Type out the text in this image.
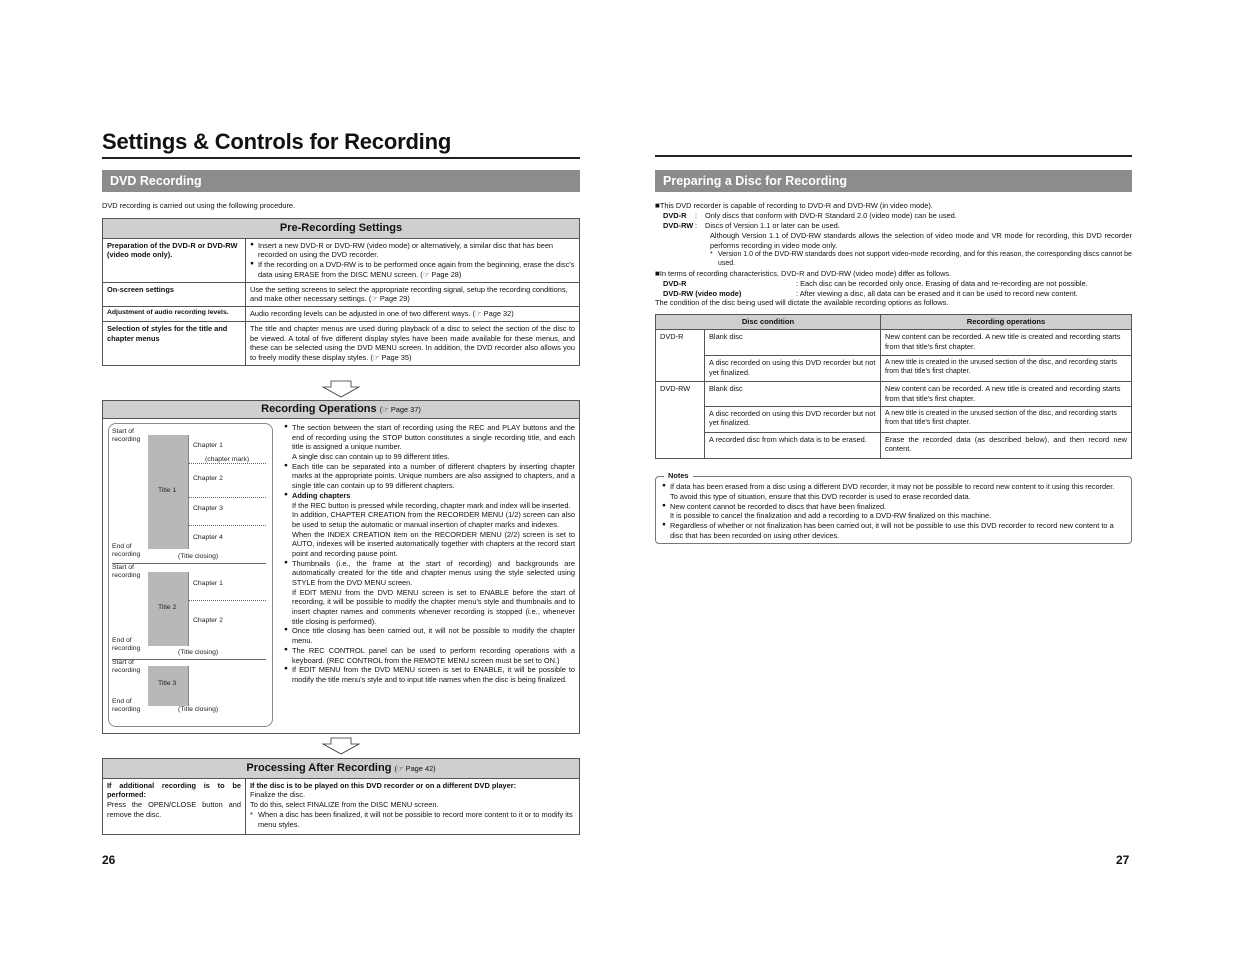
Settings & Controls for Recording
DVD Recording
DVD recording is carried out using the following procedure.
Pre-Recording Settings	
Preparation of the DVD-R or DVD-RW (video mode only).	● Insert a new DVD-R or DVD-RW (video mode) or alternatively, a similar disc that has been recorded on using the DVD recorder.
● If the recording on a DVD-RW is to be performed once again from the beginning, erase the disc's data using ERASE from the DISC MENU screen. (☞ Page 28)

On-screen settings	Use the setting screens to select the appropriate recording signal, setup the recording conditions, and make other necessary settings. (☞ Page 29)
Adjustment of audio recording levels.	Audio recording levels can be adjusted in one of two different ways. (☞ Page 32)
Selection of styles for the title and chapter menus	The title and chapter menus are used during playback of a disc to select the section of the disc to be viewed. A total of five different display styles have been made available for these menus, and these can be selected using the DVD MENU screen. In addition, the DVD recorder also allows you to freely modify these display styles. (☞ Page 35)
Recording Operations (☞ Page 37)
Start of recording
Title 1
Chapter 1
(chapter mark)
Chapter 2
Chapter 3
Chapter 4
End of recording	(Title closing)
Start of recording
Title 2
Chapter 1
Chapter 2
End of recording
(Title closing)
Start of recording
Title 3
End of recording	(Title closing)
● The section between the start of recording using the REC and PLAY buttons and the end of recording using the STOP button constitutes a single recording title, and each title is assigned a unique number.
A single disc can contain up to 99 different titles.
● Each title can be separated into a number of different chapters by inserting chapter marks at the appropriate points. Unique numbers are also assigned to chapters, and a single title can contain up to 99 different chapters.
● Adding chapters
If the REC button is pressed while recording, chapter mark and index will be inserted.
In addition, CHAPTER CREATION from the RECORDER MENU (1/2) screen can also be used to setup the automatic or manual insertion of chapter marks and indexes.
When the INDEX CREATION item on the RECORDER MENU (2/2) screen is set to AUTO, indexes will be inserted automatically together with chapters at the record start point and recording pause point.
● Thumbnails (i.e., the frame at the start of recording) and backgrounds are automatically created for the title and chapter menus using the style selected using STYLE from the DVD MENU screen.
If EDIT MENU from the DVD MENU screen is set to ENABLE before the start of recording, it will be possible to modify the chapter menu's style and thumbnails and to insert chapter names and comments whenever recording is stopped (i.e., whenever title closing is performed).
● Once title closing has been carried out, it will not be possible to modify the chapter menu.
● The REC CONTROL panel can be used to perform recording operations with a keyboard. (REC CONTROL from the REMOTE MENU screen must be set to ON.)
● If EDIT MENU from the DVD MENU screen is set to ENABLE, it will be possible to modify the title menu's style and to input title names when the disc is being finalized.
Processing After Recording (☞ Page 42)

If additional recording is to be performed:
Press the OPEN/CLOSE button and remove the disc.

If the disc is to be played on this DVD recorder or on a different DVD player:
Finalize the disc.
To do this, select FINALIZE from the DISC MENU screen.
* When a disc has been finalized, it will not be possible to record more content to it or to modify its menu styles.
26
Preparing a Disc for Recording
■This DVD recorder is capable of recording to DVD-R and DVD-RW (in video mode).
DVD-R	:	Only discs that conform with DVD-R Standard 2.0 (video mode) can be used.
DVD-RW :	Discs of Version 1.1 or later can be used.
Although Version 1.1 of DVD-RW standards allows the selection of video mode and VR mode for recording, this DVD recorder performs recording in video mode only.
* Version 1.0 of the DVD-RW standards does not support video-mode recording, and for this reason, the corresponding discs cannot be used.
■In terms of recording characteristics, DVD-R and DVD-RW (video mode) differ as follows.
DVD-R	: Each disc can be recorded only once. Erasing of data and re-recording are not possible.
DVD-RW (video mode)	: After viewing a disc, all data can be erased and it can be used to record new content.
The condition of the disc being used will dictate the available recording options as follows.
Disc condition		Recording operations
DVD-R	Blank disc	New content can be recorded. A new title is created and recording starts from that title's first chapter.
	A disc recorded on using this DVD recorder but not yet finalized.	A new title is created in the unused section of the disc, and recording starts from that title's first chapter.
DVD-RW	Blank disc	New content can be recorded. A new title is created and recording starts from that title's first chapter.
	A disc recorded on using this DVD recorder but not yet finalized.	A new title is created in the unused section of the disc, and recording starts from that title's first chapter.
	A recorded disc from which data is to be erased.	Erase the recorded data (as described below), and then record new content.
Notes
● If data has been erased from a disc using a different DVD recorder, it may not be possible to record new content to it using this recorder. To avoid this type of situation, ensure that this DVD recorder is used to erase recorded data.
● New content cannot be recorded to discs that have been finalized.
It is possible to cancel the finalization and add a recording to a DVD-RW finalized on this machine.
● Regardless of whether or not finalization has been carried out, it will not be possible to use this DVD recorder to record new content to a disc that has been recorded on using other devices.
27
